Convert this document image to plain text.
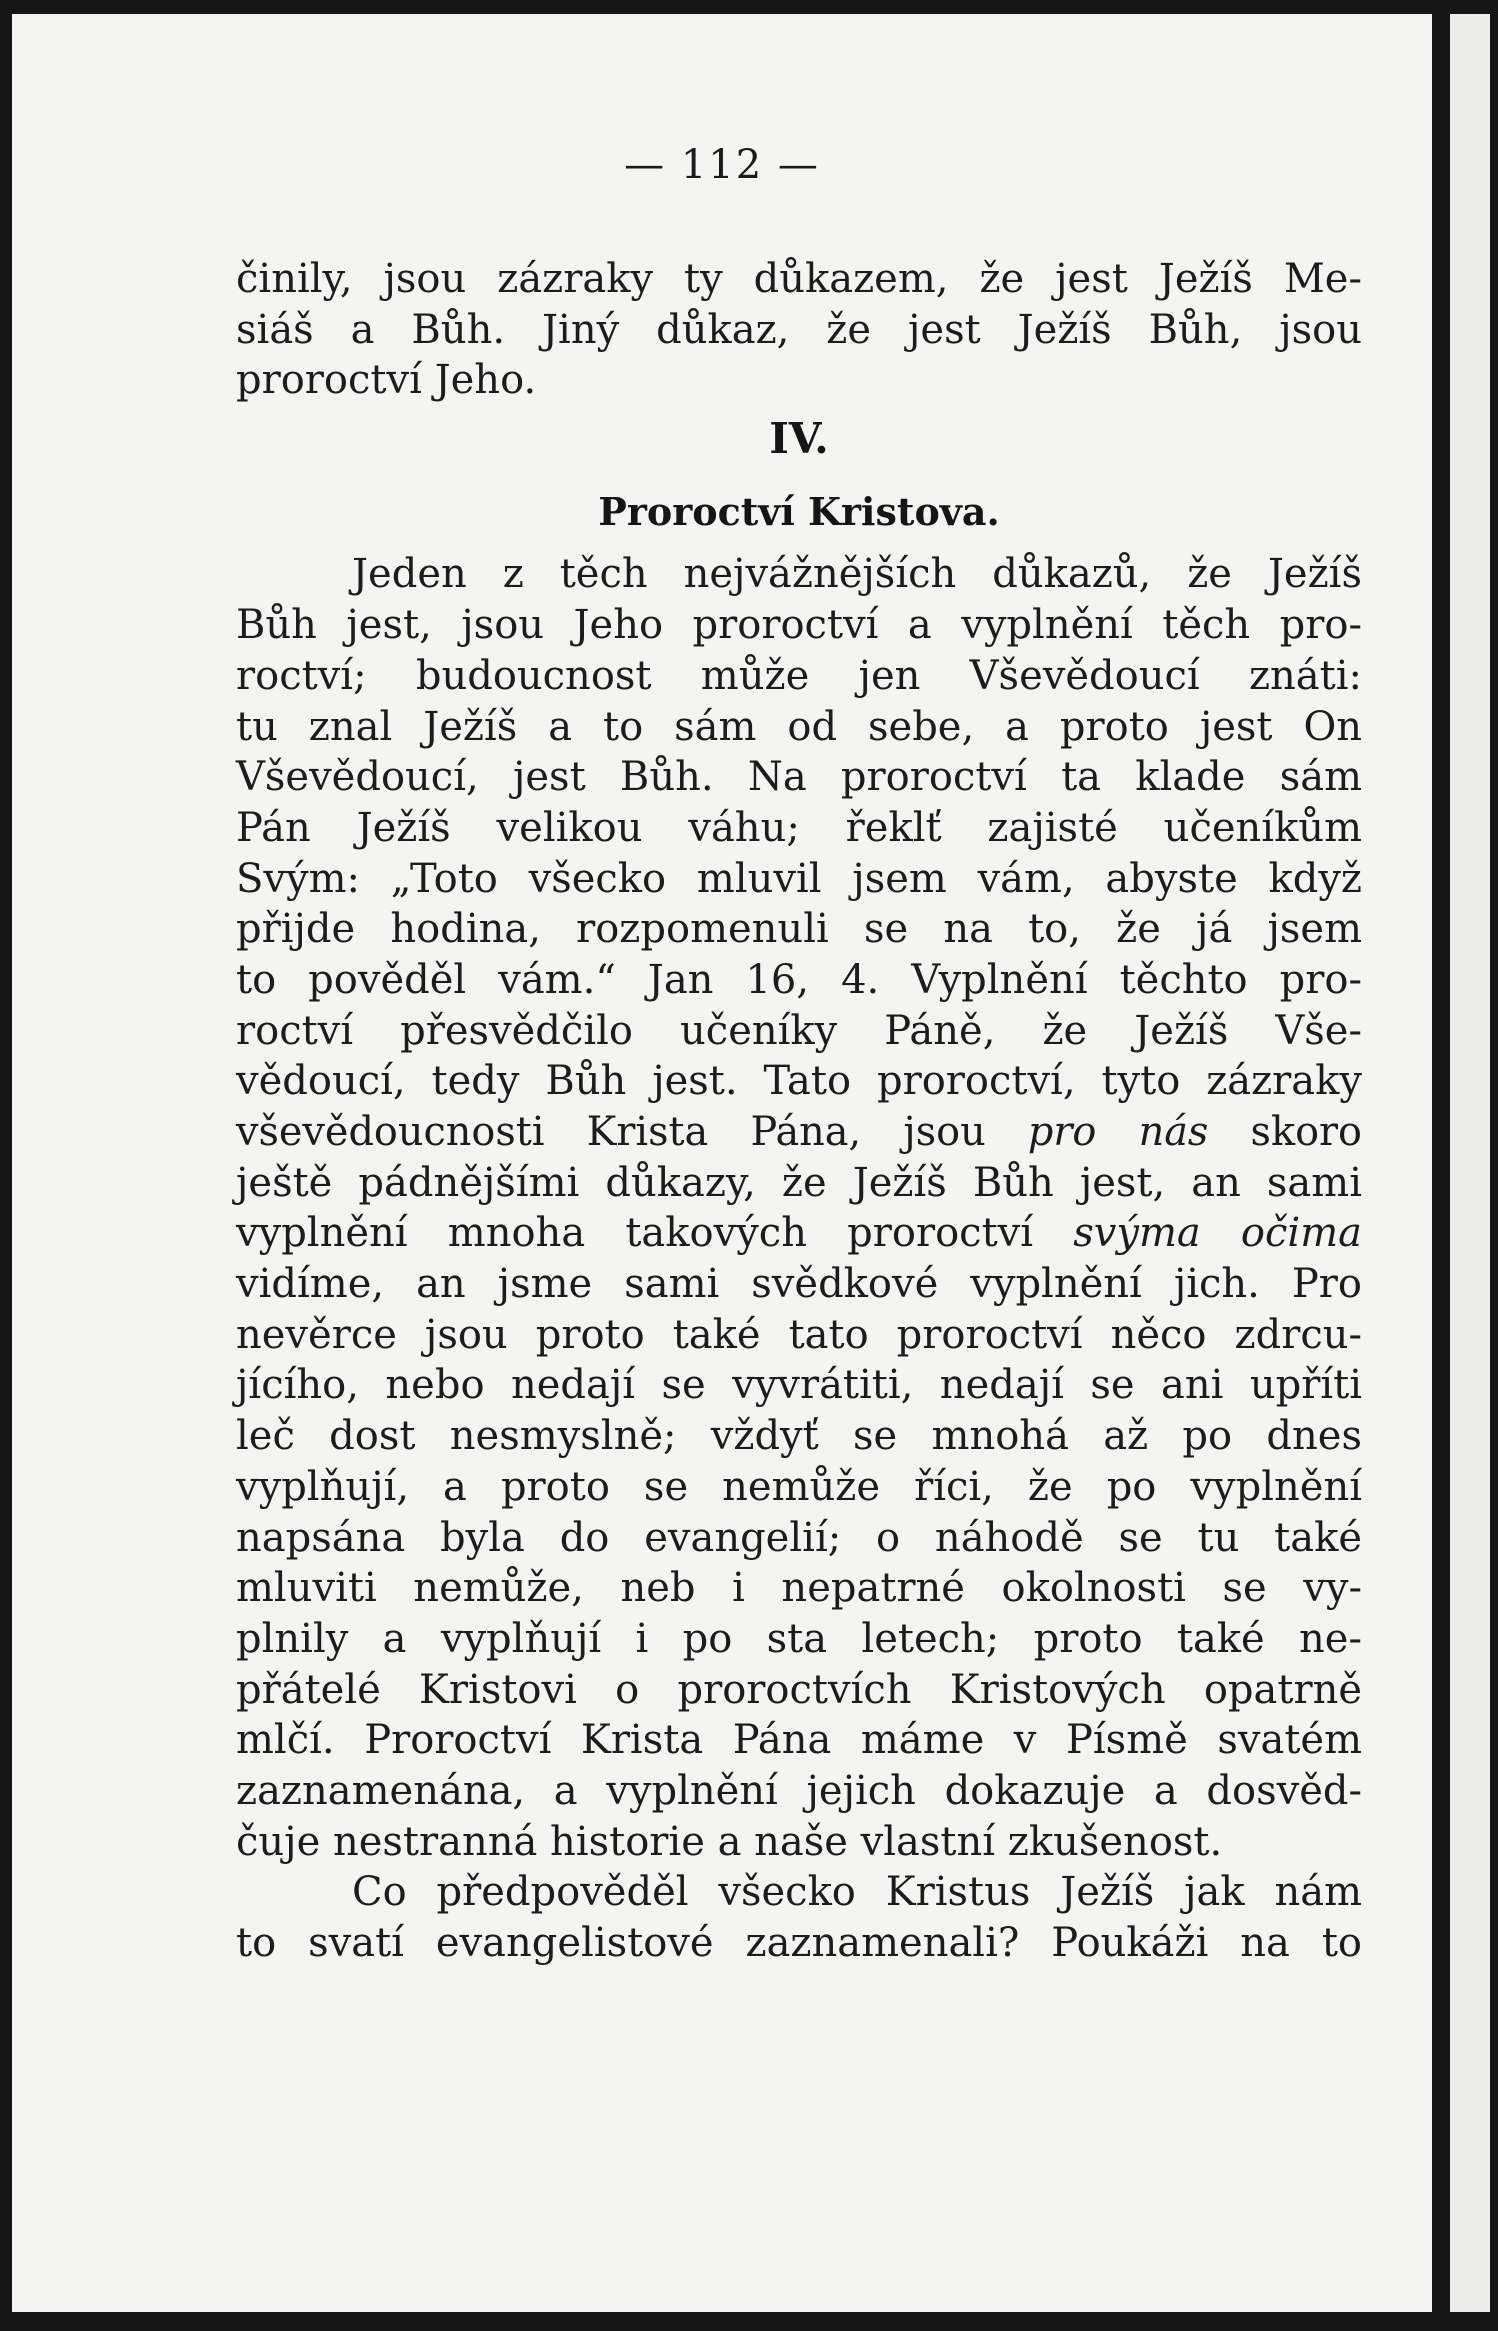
— 112 —
činily, jsou zázraky ty důkazem, že jest Ježíš Me-
siáš a Bůh. Jiný důkaz, že jest Ježíš Bůh, jsou
proroctví Jeho.
IV.
Proroctví Kristova.
Jeden z těch nejvážnějších důkazů, že Ježíš
Bůh jest, jsou Jeho proroctví a vyplnění těch pro-
roctví; budoucnost může jen Vševědoucí znáti:
tu znal Ježíš a to sám od sebe, a proto jest On
Vševědoucí, jest Bůh. Na proroctví ta klade sám
Pán Ježíš velikou váhu; řeklť zajisté učeníkům
Svým: „Toto všecko mluvil jsem vám, abyste když
přijde hodina, rozpomenuli se na to, že já jsem
to pověděl vám.“ Jan 16, 4. Vyplnění těchto pro-
roctví přesvědčilo učeníky Páně, že Ježíš Vše-
vědoucí, tedy Bůh jest. Tato proroctví, tyto zázraky
vševědoucnosti Krista Pána, jsou pro nás skoro
ještě pádnějšími důkazy, že Ježíš Bůh jest, an sami
vyplnění mnoha takových proroctví svýma očima
vidíme, an jsme sami svědkové vyplnění jich. Pro
nevěrce jsou proto také tato proroctví něco zdrcu-
jícího, nebo nedají se vyvrátiti, nedají se ani upříti
leč dost nesmyslně; vždyť se mnohá až po dnes
vyplňují, a proto se nemůže říci, že po vyplnění
napsána byla do evangelií; o náhodě se tu také
mluviti nemůže, neb i nepatrné okolnosti se vy-
plnily a vyplňují i po sta letech; proto také ne-
přátelé Kristovi o proroctvích Kristových opatrně
mlčí. Proroctví Krista Pána máme v Písmě svatém
zaznamenána, a vyplnění jejich dokazuje a dosvěd-
čuje nestranná historie a naše vlastní zkušenost.
Co předpověděl všecko Kristus Ježíš jak nám
to svatí evangelistové zaznamenali? Poukáži na to
